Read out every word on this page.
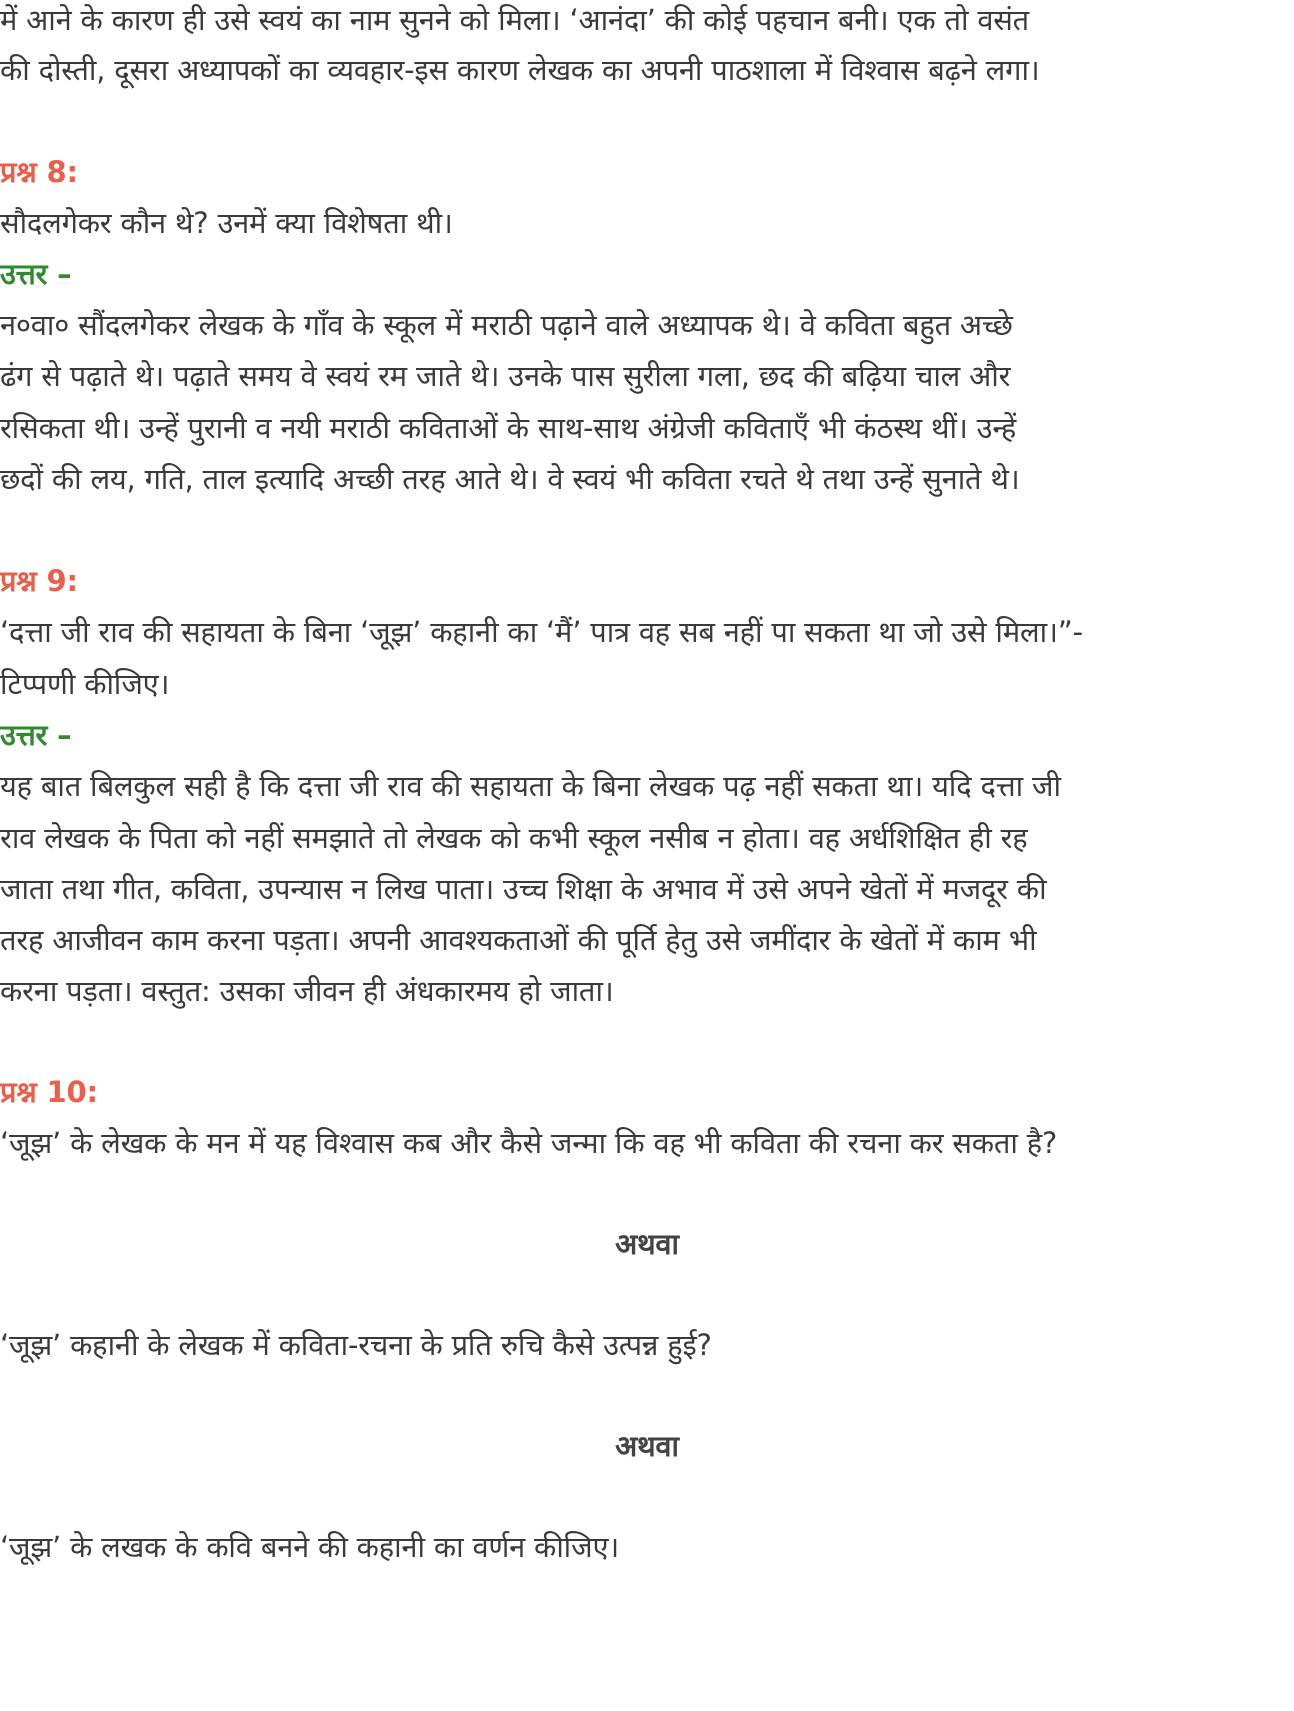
में आने के कारण ही उसे स्वयं का नाम सुनने को मिला। ‘आनंदा’ की कोई पहचान बनी। एक तो वसंत
की दोस्ती, दूसरा अध्यापकों का व्यवहार-इस कारण लेखक का अपनी पाठशाला में विश्वास बढ़ने लगा।
प्रश्न 8:
सौदलगेकर कौन थे? उनमें क्या विशेषता थी।
उत्तर –
न०वा० सौंदलगेकर लेखक के गाँव के स्कूल में मराठी पढ़ाने वाले अध्यापक थे। वे कविता बहुत अच्छे
ढंग से पढ़ाते थे। पढ़ाते समय वे स्वयं रम जाते थे। उनके पास सुरीला गला, छद की बढ़िया चाल और
रसिकता थी। उन्हें पुरानी व नयी मराठी कविताओं के साथ-साथ अंग्रेजी कविताएँ भी कंठस्थ थीं। उन्हें
छदों की लय, गति, ताल इत्यादि अच्छी तरह आते थे। वे स्वयं भी कविता रचते थे तथा उन्हें सुनाते थे।
प्रश्न 9:
‘दत्ता जी राव की सहायता के बिना ‘जूझ’ कहानी का ‘मैं’ पात्र वह सब नहीं पा सकता था जो उसे मिला।”-
टिप्पणी कीजिए।
उत्तर –
यह बात बिलकुल सही है कि दत्ता जी राव की सहायता के बिना लेखक पढ़ नहीं सकता था। यदि दत्ता जी
राव लेखक के पिता को नहीं समझाते तो लेखक को कभी स्कूल नसीब न होता। वह अर्धशिक्षित ही रह
जाता तथा गीत, कविता, उपन्यास न लिख पाता। उच्च शिक्षा के अभाव में उसे अपने खेतों में मजदूर की
तरह आजीवन काम करना पड़ता। अपनी आवश्यकताओं की पूर्ति हेतु उसे जमींदार के खेतों में काम भी
करना पड़ता। वस्तुत: उसका जीवन ही अंधकारमय हो जाता।
प्रश्न 10:
‘जूझ’ के लेखक के मन में यह विश्वास कब और कैसे जन्मा कि वह भी कविता की रचना कर सकता है?
अथवा
‘जूझ’ कहानी के लेखक में कविता-रचना के प्रति रुचि कैसे उत्पन्न हुई?
अथवा
‘जूझ’ के लखक के कवि बनने की कहानी का वर्णन कीजिए।
